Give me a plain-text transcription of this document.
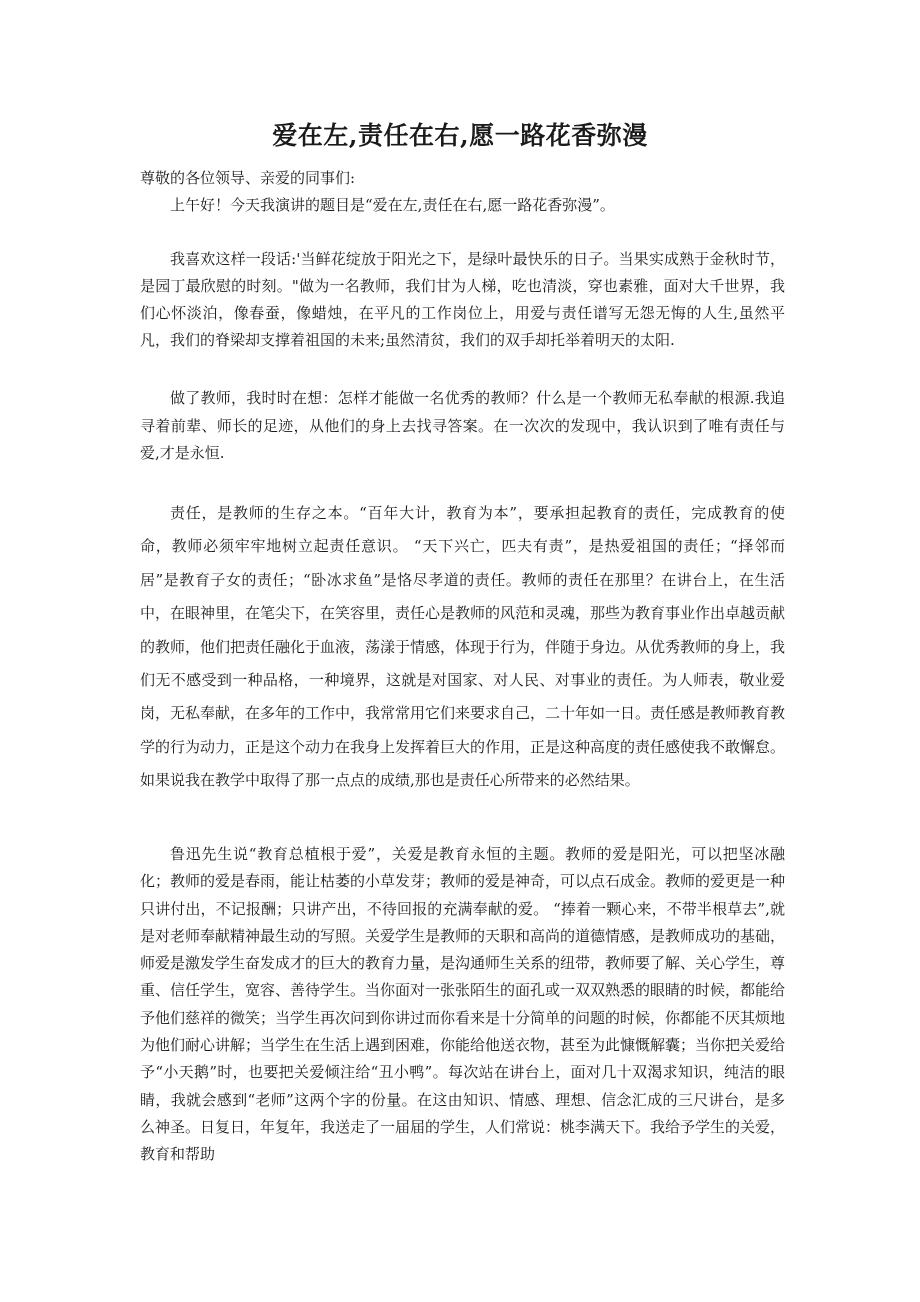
爱在左,责任在右,愿一路花香弥漫
尊敬的各位领导、亲爱的同事们:

上午好！今天我演讲的题目是“爱在左,责任在右,愿一路花香弥漫”。

我喜欢这样一段话:'当鲜花绽放于阳光之下，是绿叶最快乐的日子。当果实成熟于金秋时节，是园丁最欣慰的时刻。"做为一名教师，我们甘为人梯，吃也清淡，穿也素雅，面对大千世界，我们心怀淡泊，像春蚕，像蜡烛，在平凡的工作岗位上，用爱与责任谱写无怨无悔的人生,虽然平凡，我们的脊梁却支撑着祖国的未来;虽然清贫，我们的双手却托举着明天的太阳.

做了教师，我时时在想：怎样才能做一名优秀的教师？什么是一个教师无私奉献的根源.我追寻着前辈、师长的足迹，从他们的身上去找寻答案。在一次次的发现中，我认识到了唯有责任与爱,才是永恒.

责任，是教师的生存之本。“百年大计，教育为本”，要承担起教育的责任，完成教育的使命，教师必须牢牢地树立起责任意识。 “天下兴亡，匹夫有责”，是热爱祖国的责任；“择邻而居”是教育子女的责任；“卧冰求鱼”是恪尽孝道的责任。教师的责任在那里？在讲台上，在生活中，在眼神里，在笔尖下，在笑容里，责任心是教师的风范和灵魂，那些为教育事业作出卓越贡献的教师，他们把责任融化于血液，荡漾于情感，体现于行为，伴随于身边。从优秀教师的身上，我们无不感受到一种品格，一种境界，这就是对国家、对人民、对事业的责任。为人师表，敬业爱岗，无私奉献，在多年的工作中，我常常用它们来要求自己，二十年如一日。责任感是教师教育教学的行为动力，正是这个动力在我身上发挥着巨大的作用，正是这种高度的责任感使我不敢懈怠。如果说我在教学中取得了那一点点的成绩,那也是责任心所带来的必然结果。

鲁迅先生说“教育总植根于爱”，关爱是教育永恒的主题。教师的爱是阳光，可以把坚冰融化；教师的爱是春雨，能让枯萎的小草发芽；教师的爱是神奇，可以点石成金。教师的爱更是一种只讲付出，不记报酬；只讲产出，不待回报的充满奉献的爱。 “捧着一颗心来，不带半根草去”,就是对老师奉献精神最生动的写照。关爱学生是教师的天职和高尚的道德情感，是教师成功的基础，师爱是激发学生奋发成才的巨大的教育力量，是沟通师生关系的纽带，教师要了解、关心学生，尊重、信任学生，宽容、善待学生。当你面对一张张陌生的面孔或一双双熟悉的眼睛的时候，都能给予他们慈祥的微笑；当学生再次问到你讲过而你看来是十分简单的问题的时候，你都能不厌其烦地为他们耐心讲解；当学生在生活上遇到困难，你能给他送衣物，甚至为此慷慨解囊；当你把关爱给予“小天鹅”时，也要把关爱倾注给“丑小鸭”。每次站在讲台上，面对几十双渴求知识，纯洁的眼睛，我就会感到“老师”这两个字的份量。在这由知识、情感、理想、信念汇成的三尺讲台，是多么神圣。日复日，年复年，我送走了一届届的学生，人们常说：桃李满天下。我给予学生的关爱，教育和帮助
